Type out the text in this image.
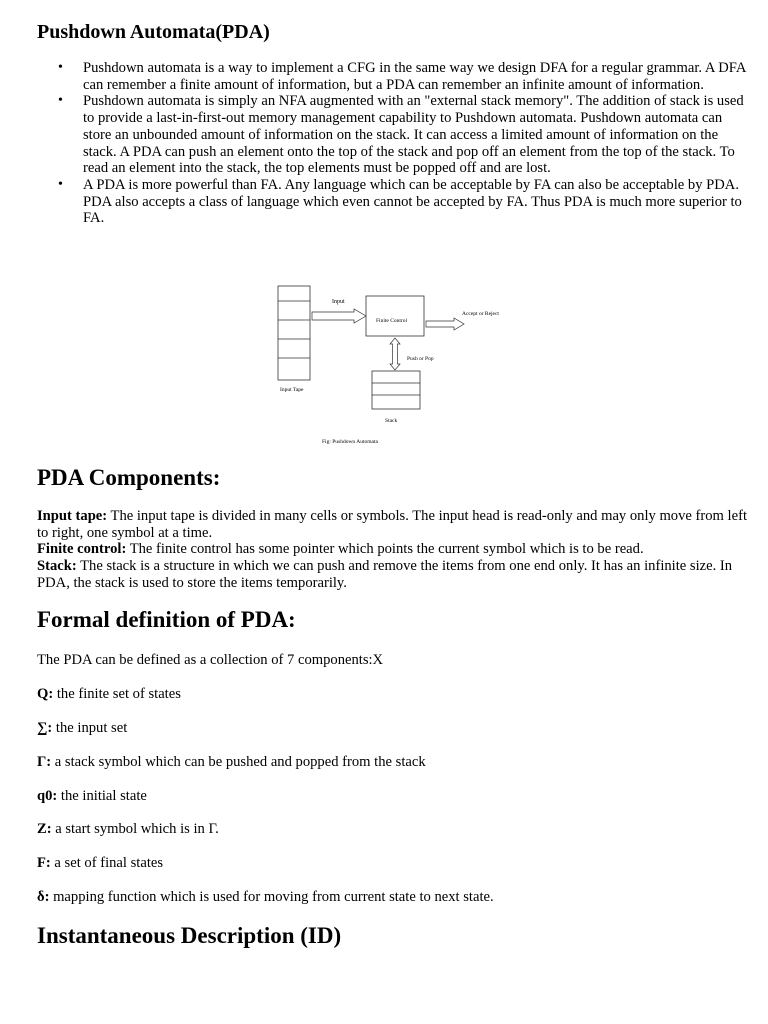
Pushdown Automata(PDA)
• Pushdown automata is a way to implement a CFG in the same way we design DFA for a regular grammar. A DFA can remember a finite amount of information, but a PDA can remember an infinite amount of information.
• Pushdown automata is simply an NFA augmented with an "external stack memory". The addition of stack is used to provide a last-in-first-out memory management capability to Pushdown automata. Pushdown automata can store an unbounded amount of information on the stack. It can access a limited amount of information on the stack. A PDA can push an element onto the top of the stack and pop off an element from the top of the stack. To read an element into the stack, the top elements must be popped off and are lost.
• A PDA is more powerful than FA. Any language which can be acceptable by FA can also be acceptable by PDA. PDA also accepts a class of language which even cannot be accepted by FA. Thus PDA is much more superior to FA.
Input
Finite Control
Accept or Reject
Push or Pop
Input Tape
Stack
Fig: Pushdown Automata
PDA Components:

Input tape: The input tape is divided in many cells or symbols. The input head is read-only and may only move from left to right, one symbol at a time.

Finite control: The finite control has some pointer which points the current symbol which is to be read.

Stack: The stack is a structure in which we can push and remove the items from one end only. It has an infinite size. In PDA, the stack is used to store the items temporarily.

Formal definition of PDA:

The PDA can be defined as a collection of 7 components:X

Q: the finite set of states

∑: the input set

Γ: a stack symbol which can be pushed and popped from the stack

q0: the initial state

Z: a start symbol which is in Γ.

F: a set of final states

δ: mapping function which is used for moving from current state to next state.

Instantaneous Description (ID)
